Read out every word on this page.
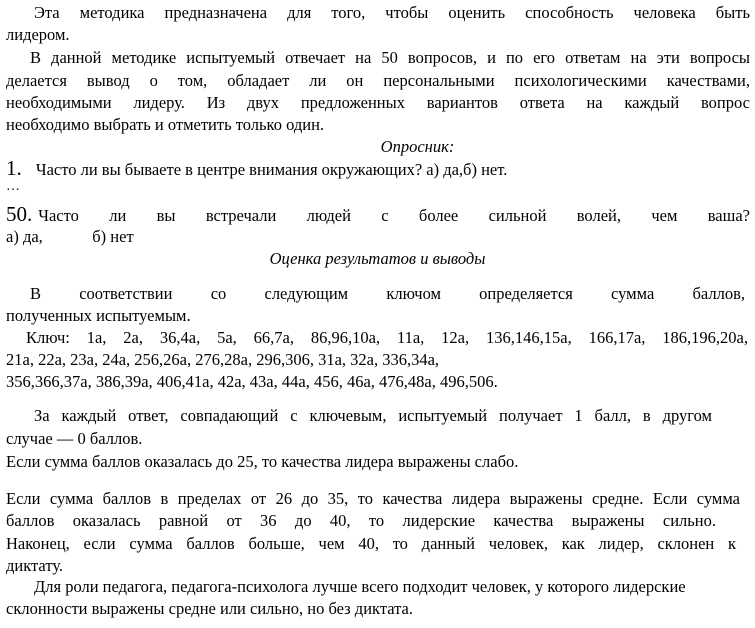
Эта методика предназначена для того, чтобы оценить способность человека быть
лидером.
В данной методике испытуемый отвечает на 50 вопросов, и по его ответам на эти вопросы
делается вывод о том, обладает ли он персональными психологическими качествами,
необходимыми лидеру. Из двух предложенных вариантов ответа на каждый вопрос
необходимо выбрать и отметить только один.
Опросник:
1. Часто ли вы бываете в центре внимания окружающих? а) да,б) нет.
…
50. Часто ли вы встречали людей с более сильной волей, чем ваша?
а) да,            б) нет
Оценка результатов и выводы
В соответствии со следующим ключом определяется сумма баллов,
полученных испытуемым.
Ключ: 1а, 2а, 36,4а, 5а, 66,7а, 86,96,10а, 11а, 12а, 136,146,15а, 166,17а, 186,196,20а,
21а, 22а, 23а, 24а, 256,26а, 276,28а, 296,306, 31а, 32а, 336,34а,
356,366,37а, 386,39а, 406,41а, 42а, 43а, 44а, 456, 46а, 476,48а, 496,506.
За каждый ответ, совпадающий с ключевым, испытуемый получает 1 балл, в другом
случае — 0 баллов.
Если сумма баллов оказалась до 25, то качества лидера выражены слабо.
Если сумма баллов в пределах от 26 до 35, то качества лидера выражены средне. Если сумма
баллов оказалась равной от 36 до 40, то лидерские качества выражены сильно.
Наконец, если сумма баллов больше, чем 40, то данный человек, как лидер, склонен к
диктату.
Для роли педагога, педагога-психолога лучше всего подходит человек, у которого лидерские
склонности выражены средне или сильно, но без диктата.
